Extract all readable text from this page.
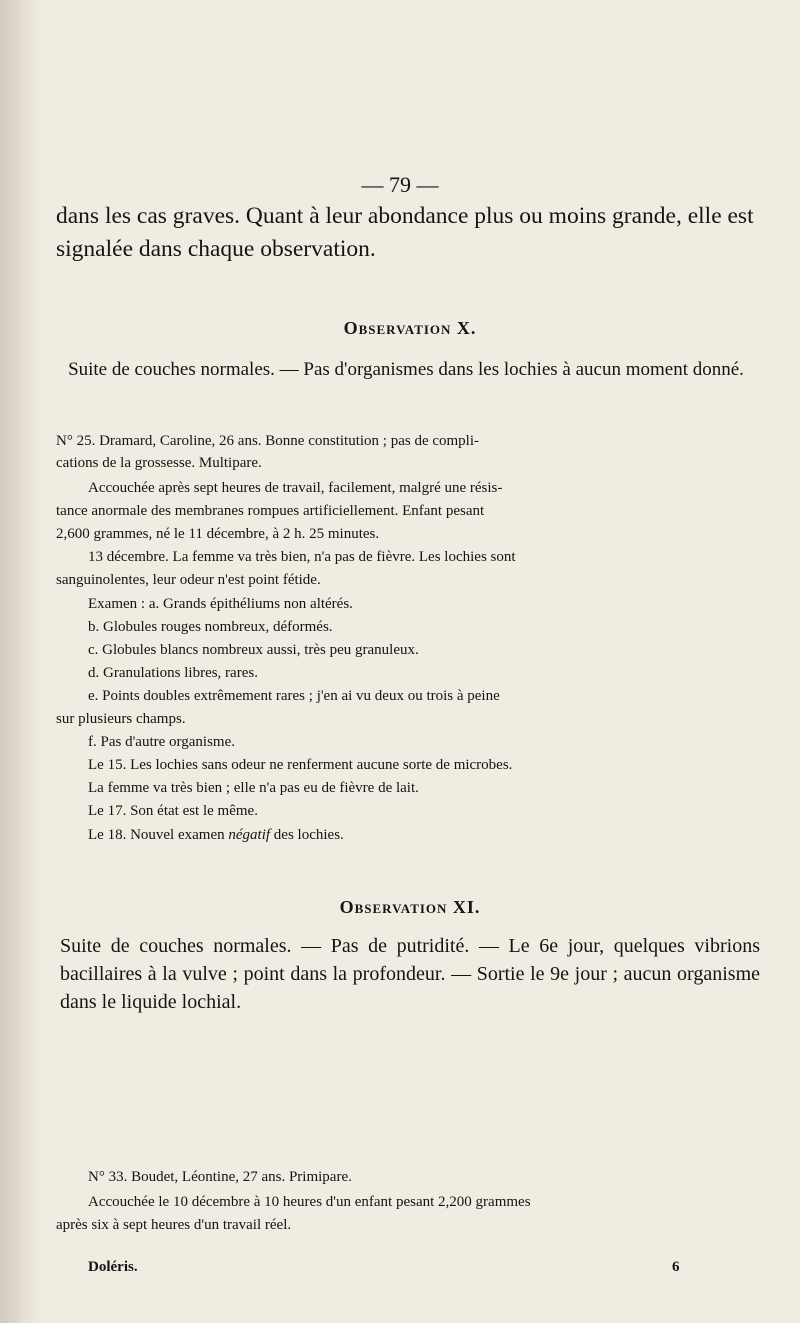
— 79 —

dans les cas graves. Quant à leur abondance plus ou moins grande, elle est signalée dans chaque observation.

Observation X.

Suite de couches normales. — Pas d'organismes dans les lochies à aucun moment donné.

N° 25. Dramard, Caroline, 26 ans. Bonne constitution ; pas de compli-

cations de la grossesse. Multipare.

Accouchée après sept heures de travail, facilement, malgré une résis-

tance anormale des membranes rompues artificiellement. Enfant pesant

2,600 grammes, né le 11 décembre, à 2 h. 25 minutes.

13 décembre. La femme va très bien, n'a pas de fièvre. Les lochies sont

sanguinolentes, leur odeur n'est point fétide.

Examen : a. Grands épithéliums non altérés.

b. Globules rouges nombreux, déformés.

c. Globules blancs nombreux aussi, très peu granuleux.

d. Granulations libres, rares.

e. Points doubles extrêmement rares ; j'en ai vu deux ou trois à peine

sur plusieurs champs.

f. Pas d'autre organisme.

Le 15. Les lochies sans odeur ne renferment aucune sorte de microbes.

La femme va très bien ; elle n'a pas eu de fièvre de lait.

Le 17. Son état est le même.

Le 18. Nouvel examen négatif des lochies.

Observation XI.

Suite de couches normales. — Pas de putridité. — Le 6e jour, quelques vibrions bacillaires à la vulve ; point dans la profondeur. — Sortie le 9e jour ; aucun organisme dans le liquide lochial.

N° 33. Boudet, Léontine, 27 ans. Primipare.

Accouchée le 10 décembre à 10 heures d'un enfant pesant 2,200 grammes

après six à sept heures d'un travail réel.

Doléris.	6
